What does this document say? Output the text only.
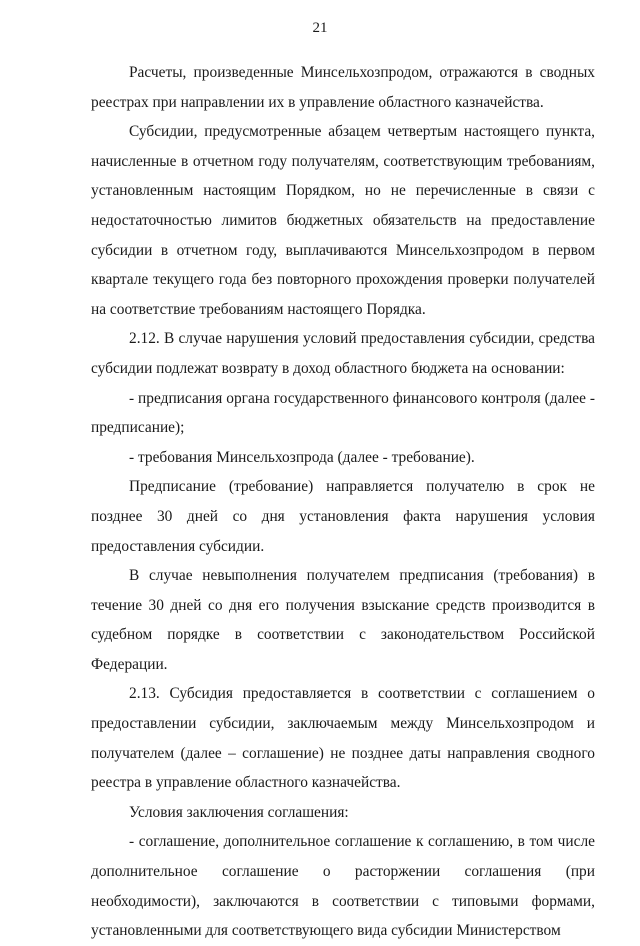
21

Расчеты, произведенные Минсельхозпродом, отражаются в сводных реестрах при направлении их в управление областного казначейства.

Субсидии, предусмотренные абзацем четвертым настоящего пункта, начисленные в отчетном году получателям, соответствующим требованиям, установленным настоящим Порядком, но не перечисленные в связи с недостаточностью лимитов бюджетных обязательств на предоставление субсидии в отчетном году, выплачиваются Минсельхозпродом в первом квартале текущего года без повторного прохождения проверки получателей на соответствие требованиям настоящего Порядка.

2.12. В случае нарушения условий предоставления субсидии, средства субсидии подлежат возврату в доход областного бюджета на основании:

- предписания органа государственного финансового контроля (далее - предписание);

- требования Минсельхозпрода (далее - требование).

Предписание (требование) направляется получателю в срок не позднее 30 дней со дня установления факта нарушения условия предоставления субсидии.

В случае невыполнения получателем предписания (требования) в течение 30 дней со дня его получения взыскание средств производится в судебном порядке в соответствии с законодательством Российской Федерации.

2.13. Субсидия предоставляется в соответствии с соглашением о предоставлении субсидии, заключаемым между Минсельхозпродом и получателем (далее – соглашение) не позднее даты направления сводного реестра в управление областного казначейства.

Условия заключения соглашения:

- соглашение, дополнительное соглашение к соглашению, в том числе дополнительное соглашение о расторжении соглашения (при необходимости), заключаются в соответствии с типовыми формами, установленными для соответствующего вида субсидии Министерством
